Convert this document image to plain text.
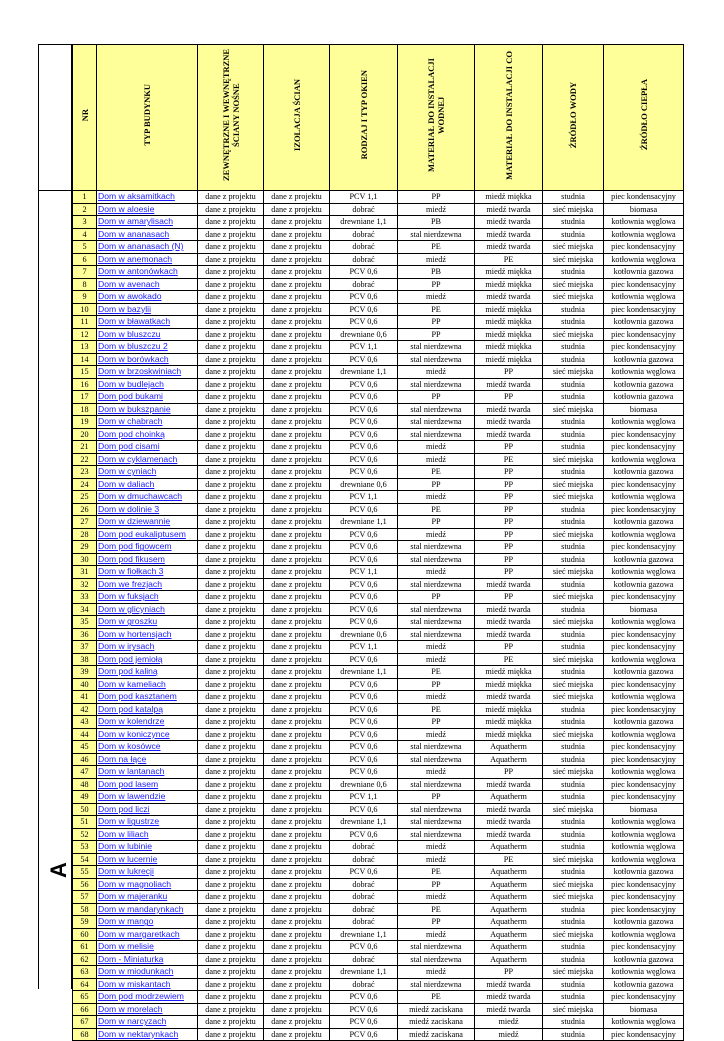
A
NR	TYP BUDYNKU	ZEWNĘTRZNE I WEWNĘTRZNE ŚCIANY NOŚNE	IZOLACJA ŚCIAN	RODZAJ I TYP OKIEN	MATERIAŁ DO INSTALACJI WODNEJ	MATERIAŁ DO INSTALACJI CO	ŹRÓDŁO WODY	ŹRÓDŁO CIEPŁA
1	Dom w aksamitkach	dane z projektu	dane z projektu	PCV 1,1	PP	miedź miękka	studnia	piec kondensacyjny
2	Dom w aloesie	dane z projektu	dane z projektu	dobrać	miedź	miedź twarda	sieć miejska	biomasa
3	Dom w amarylisach	dane z projektu	dane z projektu	drewniane 1,1	PB	miedź twarda	studnia	kotłownia węglowa
4	Dom w ananasach	dane z projektu	dane z projektu	dobrać	stal nierdzewna	miedź twarda	studnia	kotłownia węglowa
5	Dom w ananasach (N)	dane z projektu	dane z projektu	dobrać	PE	miedź twarda	sieć miejska	piec kondensacyjny
6	Dom w anemonach	dane z projektu	dane z projektu	dobrać	miedź	PE	sieć miejska	kotłownia węglowa
7	Dom w antonówkach	dane z projektu	dane z projektu	PCV 0,6	PB	miedź miękka	studnia	kotłownia gazowa
8	Dom w avenach	dane z projektu	dane z projektu	dobrać	PP	miedź miękka	sieć miejska	piec kondensacyjny
9	Dom w awokado	dane z projektu	dane z projektu	PCV 0,6	miedź	miedź twarda	sieć miejska	kotłownia węglowa
10	Dom w bazylii	dane z projektu	dane z projektu	PCV 0,6	PE	miedź miękka	studnia	piec kondensacyjny
11	Dom w bławatkach	dane z projektu	dane z projektu	PCV 0,6	PP	miedź miękka	studnia	kotłownia gazowa
12	Dom w bluszczu	dane z projektu	dane z projektu	drewniane 0,6	PP	miedź miękka	sieć miejska	piec kondensacyjny
13	Dom w bluszczu 2	dane z projektu	dane z projektu	PCV 1,1	stal nierdzewna	miedź miękka	studnia	piec kondensacyjny
14	Dom w borówkach	dane z projektu	dane z projektu	PCV 0,6	stal nierdzewna	miedź miękka	studnia	kotłownia gazowa
15	Dom w brzoskwiniach	dane z projektu	dane z projektu	drewniane 1,1	miedź	PP	sieć miejska	kotłownia węglowa
16	Dom w budlejach	dane z projektu	dane z projektu	PCV 0,6	stal nierdzewna	miedź twarda	studnia	kotłownia gazowa
17	Dom pod bukami	dane z projektu	dane z projektu	PCV 0,6	PP	PP	studnia	kotłownia gazowa
18	Dom w bukszpanie	dane z projektu	dane z projektu	PCV 0,6	stal nierdzewna	miedź twarda	sieć miejska	biomasa
19	Dom w chabrach	dane z projektu	dane z projektu	PCV 0,6	stal nierdzewna	miedź twarda	studnia	kotłownia węglowa
20	Dom pod choinką	dane z projektu	dane z projektu	PCV 0,6	stal nierdzewna	miedź twarda	studnia	piec kondensacyjny
21	Dom pod cisami	dane z projektu	dane z projektu	PCV 0,6	miedź	PP	studnia	piec kondensacyjny
22	Dom w cyklamenach	dane z projektu	dane z projektu	PCV 0,6	miedź	PE	sieć miejska	kotłownia węglowa
23	Dom w cyniach	dane z projektu	dane z projektu	PCV 0,6	PE	PP	studnia	kotłownia gazowa
24	Dom w daliach	dane z projektu	dane z projektu	drewniane 0,6	PP	PP	sieć miejska	piec kondensacyjny
25	Dom w dmuchawcach	dane z projektu	dane z projektu	PCV 1,1	miedź	PP	sieć miejska	kotłownia węglowa
26	Dom w dolinie 3	dane z projektu	dane z projektu	PCV 0,6	PE	PP	studnia	piec kondensacyjny
27	Dom w dziewannie	dane z projektu	dane z projektu	drewniane 1,1	PP	PP	studnia	kotłownia gazowa
28	Dom pod eukaliptusem	dane z projektu	dane z projektu	PCV 0,6	miedź	PP	sieć miejska	kotłownia węglowa
29	Dom pod figowcem	dane z projektu	dane z projektu	PCV 0,6	stal nierdzewna	PP	studnia	piec kondensacyjny
30	Dom pod fikusem	dane z projektu	dane z projektu	PCV 0,6	stal nierdzewna	PP	studnia	kotłownia gazowa
31	Dom w fiołkach 3	dane z projektu	dane z projektu	PCV 1,1	miedź	PP	sieć miejska	kotłownia węglowa
32	Dom we frezjach	dane z projektu	dane z projektu	PCV 0,6	stal nierdzewna	miedź twarda	studnia	kotłownia gazowa
33	Dom w fuksjach	dane z projektu	dane z projektu	PCV 0,6	PP	PP	sieć miejska	piec kondensacyjny
34	Dom w glicyniach	dane z projektu	dane z projektu	PCV 0,6	stal nierdzewna	miedź twarda	studnia	biomasa
35	Dom w groszku	dane z projektu	dane z projektu	PCV 0,6	stal nierdzewna	miedź twarda	sieć miejska	kotłownia węglowa
36	Dom w hortensjach	dane z projektu	dane z projektu	drewniane 0,6	stal nierdzewna	miedź twarda	studnia	piec kondensacyjny
37	Dom w irysach	dane z projektu	dane z projektu	PCV 1,1	miedź	PP	studnia	piec kondensacyjny
38	Dom pod jemiołą	dane z projektu	dane z projektu	PCV 0,6	miedź	PE	sieć miejska	kotłownia węglowa
39	Dom pod kaliną	dane z projektu	dane z projektu	drewniane 1,1	PE	miedź miękka	studnia	kotłownia gazowa
40	Dom w kameliach	dane z projektu	dane z projektu	PCV 0,6	PP	miedź miękka	sieć miejska	piec kondensacyjny
41	Dom pod kasztanem	dane z projektu	dane z projektu	PCV 0,6	miedź	miedź twarda	sieć miejska	kotłownia węglowa
42	Dom pod katalpą	dane z projektu	dane z projektu	PCV 0,6	PE	miedź miękka	studnia	piec kondensacyjny
43	Dom w kolendrze	dane z projektu	dane z projektu	PCV 0,6	PP	miedź miękka	studnia	kotłownia gazowa
44	Dom w koniczynce	dane z projektu	dane z projektu	PCV 0,6	miedź	miedź miękka	sieć miejska	kotłownia węglowa
45	Dom w kosówce	dane z projektu	dane z projektu	PCV 0,6	stal nierdzewna	Aquatherm	studnia	piec kondensacyjny
46	Dom na łące	dane z projektu	dane z projektu	PCV 0,6	stal nierdzewna	Aquatherm	studnia	piec kondensacyjny
47	Dom w lantanach	dane z projektu	dane z projektu	PCV 0,6	miedź	PP	sieć miejska	kotłownia węglowa
48	Dom pod lasem	dane z projektu	dane z projektu	drewniane 0,6	stal nierdzewna	miedź twarda	studnia	piec kondensacyjny
49	Dom w lawendzie	dane z projektu	dane z projektu	PCV 1,1	PP	Aquatherm	studnia	piec kondensacyjny
50	Dom pod liczi	dane z projektu	dane z projektu	PCV 0,6	stal nierdzewna	miedź twarda	sieć miejska	biomasa
51	Dom w ligustrze	dane z projektu	dane z projektu	drewniane 1,1	stal nierdzewna	miedź twarda	studnia	kotłownia węglowa
52	Dom w liliach	dane z projektu	dane z projektu	PCV 0,6	stal nierdzewna	miedź twarda	studnia	kotłownia węglowa
53	Dom w lubinie	dane z projektu	dane z projektu	dobrać	miedź	Aquatherm	studnia	kotłownia węglowa
54	Dom w lucernie	dane z projektu	dane z projektu	dobrać	miedź	PE	sieć miejska	kotłownia węglowa
55	Dom w lukrecji	dane z projektu	dane z projektu	PCV 0,6	PE	Aquatherm	studnia	kotłownia gazowa
56	Dom w magnoliach	dane z projektu	dane z projektu	dobrać	PP	Aquatherm	sieć miejska	piec kondensacyjny
57	Dom w majeranku	dane z projektu	dane z projektu	dobrać	miedź	Aquatherm	sieć miejska	piec kondensacyjny
58	Dom w mandarynkach	dane z projektu	dane z projektu	dobrać	PE	Aquatherm	studnia	piec kondensacyjny
59	Dom w mango	dane z projektu	dane z projektu	dobrać	PP	Aquatherm	studnia	kotłownia gazowa
60	Dom w margaretkach	dane z projektu	dane z projektu	drewniane 1,1	miedź	Aquatherm	sieć miejska	kotłownia węglowa
61	Dom w melisie	dane z projektu	dane z projektu	PCV 0,6	stal nierdzewna	Aquatherm	studnia	piec kondensacyjny
62	Dom - Miniaturka	dane z projektu	dane z projektu	dobrać	stal nierdzewna	Aquatherm	studnia	kotłownia gazowa
63	Dom w miodunkach	dane z projektu	dane z projektu	drewniane 1,1	miedź	PP	sieć miejska	kotłownia węglowa
64	Dom w miskantach	dane z projektu	dane z projektu	dobrać	stal nierdzewna	miedź twarda	studnia	kotłownia gazowa
65	Dom pod modrzewiem	dane z projektu	dane z projektu	PCV 0,6	PE	miedź twarda	studnia	piec kondensacyjny
66	Dom w morelach	dane z projektu	dane z projektu	PCV 0,6	miedź zaciskana	miedź twarda	sieć miejska	biomasa
67	Dom w narcyzach	dane z projektu	dane z projektu	PCV 0,6	miedź zaciskana	miedź	studnia	kotłownia węglowa
68	Dom w nektarynkach	dane z projektu	dane z projektu	PCV 0,6	miedź zaciskana	miedź	studnia	piec kondensacyjny
